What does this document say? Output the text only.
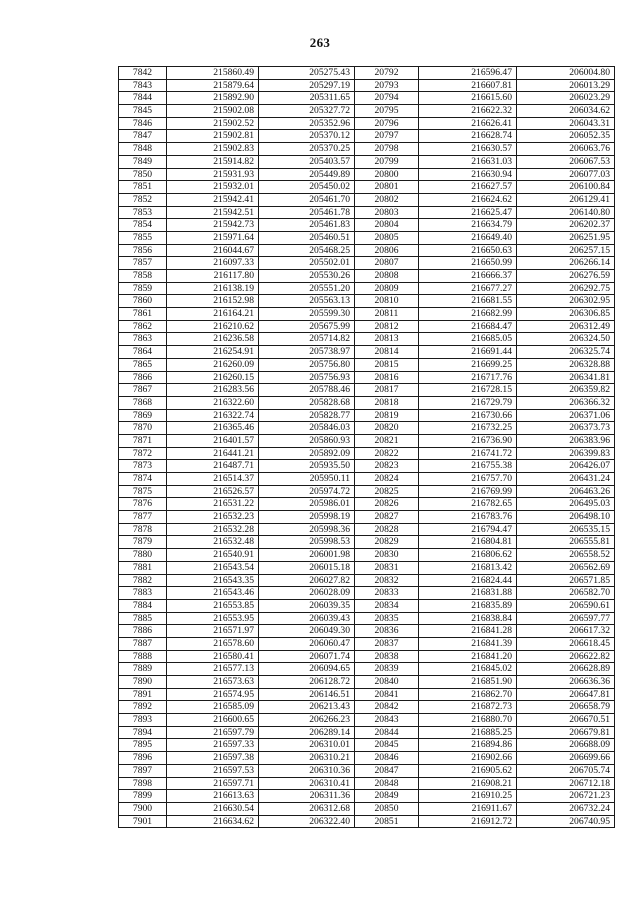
263
7842	215860.49	205275.43	20792	216596.47	206004.80
7843	215879.64	205297.19	20793	216607.81	206013.29
7844	215892.90	205311.65	20794	216615.60	206023.29
7845	215902.08	205327.72	20795	216622.32	206034.62
7846	215902.52	205352.96	20796	216626.41	206043.31
7847	215902.81	205370.12	20797	216628.74	206052.35
7848	215902.83	205370.25	20798	216630.57	206063.76
7849	215914.82	205403.57	20799	216631.03	206067.53
7850	215931.93	205449.89	20800	216630.94	206077.03
7851	215932.01	205450.02	20801	216627.57	206100.84
7852	215942.41	205461.70	20802	216624.62	206129.41
7853	215942.51	205461.78	20803	216625.47	206140.80
7854	215942.73	205461.83	20804	216634.79	206202.37
7855	215971.64	205460.51	20805	216649.40	206251.95
7856	216044.67	205468.25	20806	216650.63	206257.15
7857	216097.33	205502.01	20807	216650.99	206266.14
7858	216117.80	205530.26	20808	216666.37	206276.59
7859	216138.19	205551.20	20809	216677.27	206292.75
7860	216152.98	205563.13	20810	216681.55	206302.95
7861	216164.21	205599.30	20811	216682.99	206306.85
7862	216210.62	205675.99	20812	216684.47	206312.49
7863	216236.58	205714.82	20813	216685.05	206324.50
7864	216254.91	205738.97	20814	216691.44	206325.74
7865	216260.09	205756.80	20815	216699.25	206328.88
7866	216260.15	205756.93	20816	216717.76	206341.81
7867	216283.56	205788.46	20817	216728.15	206359.82
7868	216322.60	205828.68	20818	216729.79	206366.32
7869	216322.74	205828.77	20819	216730.66	206371.06
7870	216365.46	205846.03	20820	216732.25	206373.73
7871	216401.57	205860.93	20821	216736.90	206383.96
7872	216441.21	205892.09	20822	216741.72	206399.83
7873	216487.71	205935.50	20823	216755.38	206426.07
7874	216514.37	205950.11	20824	216757.70	206431.24
7875	216526.57	205974.72	20825	216769.99	206463.26
7876	216531.22	205986.01	20826	216782.65	206495.03
7877	216532.23	205998.19	20827	216783.76	206498.10
7878	216532.28	205998.36	20828	216794.47	206535.15
7879	216532.48	205998.53	20829	216804.81	206555.81
7880	216540.91	206001.98	20830	216806.62	206558.52
7881	216543.54	206015.18	20831	216813.42	206562.69
7882	216543.35	206027.82	20832	216824.44	206571.85
7883	216543.46	206028.09	20833	216831.88	206582.70
7884	216553.85	206039.35	20834	216835.89	206590.61
7885	216553.95	206039.43	20835	216838.84	206597.77
7886	216571.97	206049.30	20836	216841.28	206617.32
7887	216578.60	206060.47	20837	216841.39	206618.45
7888	216580.41	206071.74	20838	216841.20	206622.82
7889	216577.13	206094.65	20839	216845.02	206628.89
7890	216573.63	206128.72	20840	216851.90	206636.36
7891	216574.95	206146.51	20841	216862.70	206647.81
7892	216585.09	206213.43	20842	216872.73	206658.79
7893	216600.65	206266.23	20843	216880.70	206670.51
7894	216597.79	206289.14	20844	216885.25	206679.81
7895	216597.33	206310.01	20845	216894.86	206688.09
7896	216597.38	206310.21	20846	216902.66	206699.66
7897	216597.53	206310.36	20847	216905.62	206705.74
7898	216597.71	206310.41	20848	216908.21	206712.18
7899	216613.63	206311.36	20849	216910.25	206721.23
7900	216630.54	206312.68	20850	216911.67	206732.24
7901	216634.62	206322.40	20851	216912.72	206740.95
